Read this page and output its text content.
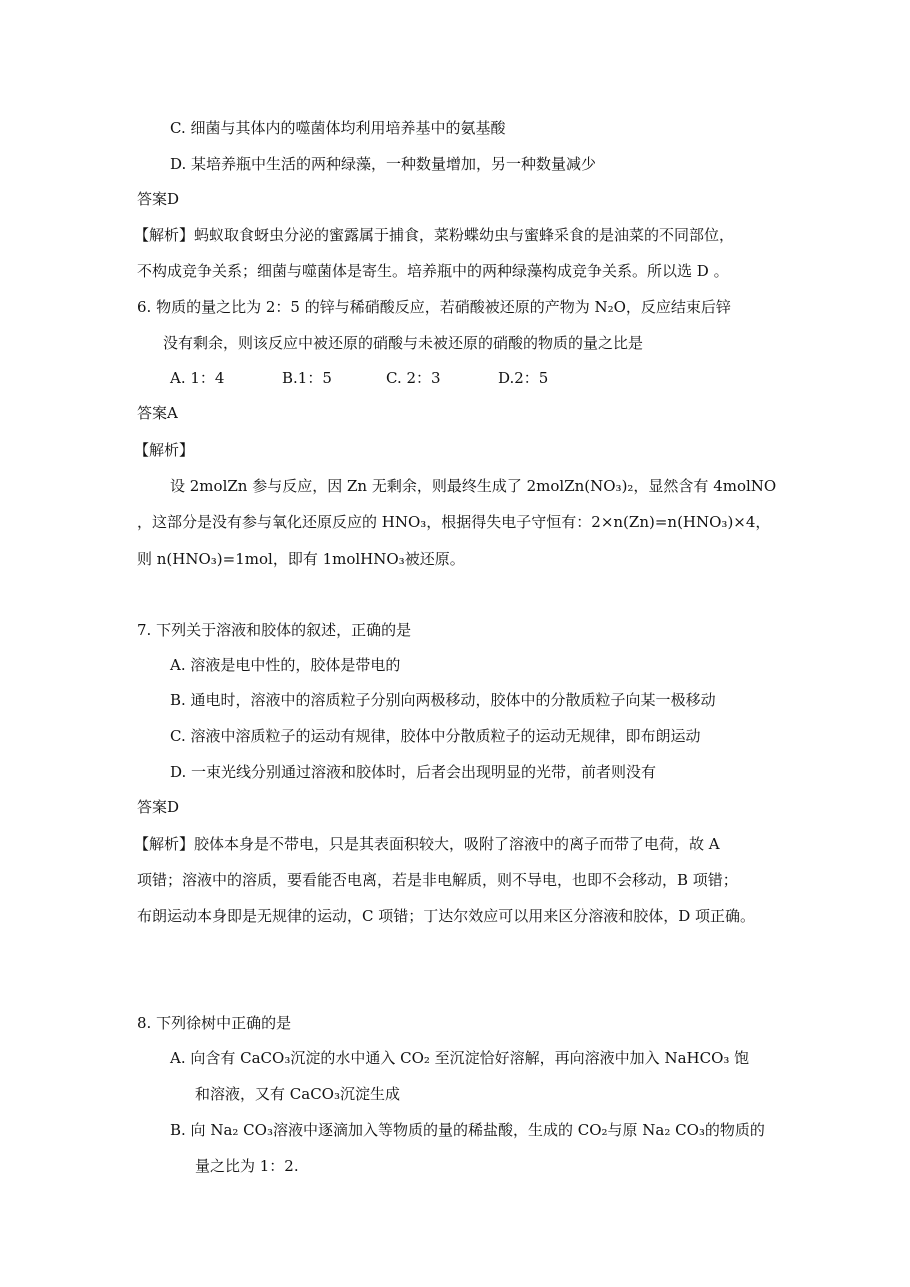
C. 细菌与其体内的噬菌体均利用培养基中的氨基酸
D. 某培养瓶中生活的两种绿藻，一种数量增加，另一种数量减少
答案D
【解析】蚂蚁取食蚜虫分泌的蜜露属于捕食，菜粉蝶幼虫与蜜蜂采食的是油菜的不同部位，
不构成竞争关系；细菌与噬菌体是寄生。培养瓶中的两种绿藻构成竞争关系。所以选 D 。
6. 物质的量之比为 2：5 的锌与稀硝酸反应，若硝酸被还原的产物为 N₂O，反应结束后锌
没有剩余，则该反应中被还原的硝酸与未被还原的硝酸的物质的量之比是
A. 1：4	B.1：5	C. 2：3	D.2：5
答案A
【解析】
设 2molZn 参与反应，因 Zn 无剩余，则最终生成了 2molZn(NO₃)₂，显然含有 4molNO
，这部分是没有参与氧化还原反应的 HNO₃，根据得失电子守恒有：2×n(Zn)=n(HNO₃)×4，
则 n(HNO₃)=1mol，即有 1molHNO₃被还原。
7. 下列关于溶液和胶体的叙述，正确的是
A. 溶液是电中性的，胶体是带电的
B. 通电时，溶液中的溶质粒子分别向两极移动，胶体中的分散质粒子向某一极移动
C. 溶液中溶质粒子的运动有规律，胶体中分散质粒子的运动无规律，即布朗运动
D. 一束光线分别通过溶液和胶体时，后者会出现明显的光带，前者则没有
答案D
【解析】胶体本身是不带电，只是其表面积较大，吸附了溶液中的离子而带了电荷，故 A
项错；溶液中的溶质，要看能否电离，若是非电解质，则不导电，也即不会移动，B 项错；
布朗运动本身即是无规律的运动，C 项错；丁达尔效应可以用来区分溶液和胶体，D 项正确。
8. 下列徐树中正确的是
A. 向含有 CaCO₃沉淀的水中通入 CO₂ 至沉淀恰好溶解，再向溶液中加入 NaHCO₃ 饱
和溶液，又有 CaCO₃沉淀生成
B. 向 Na₂ CO₃溶液中逐滴加入等物质的量的稀盐酸，生成的 CO₂与原 Na₂ CO₃的物质的
量之比为 1：2.
